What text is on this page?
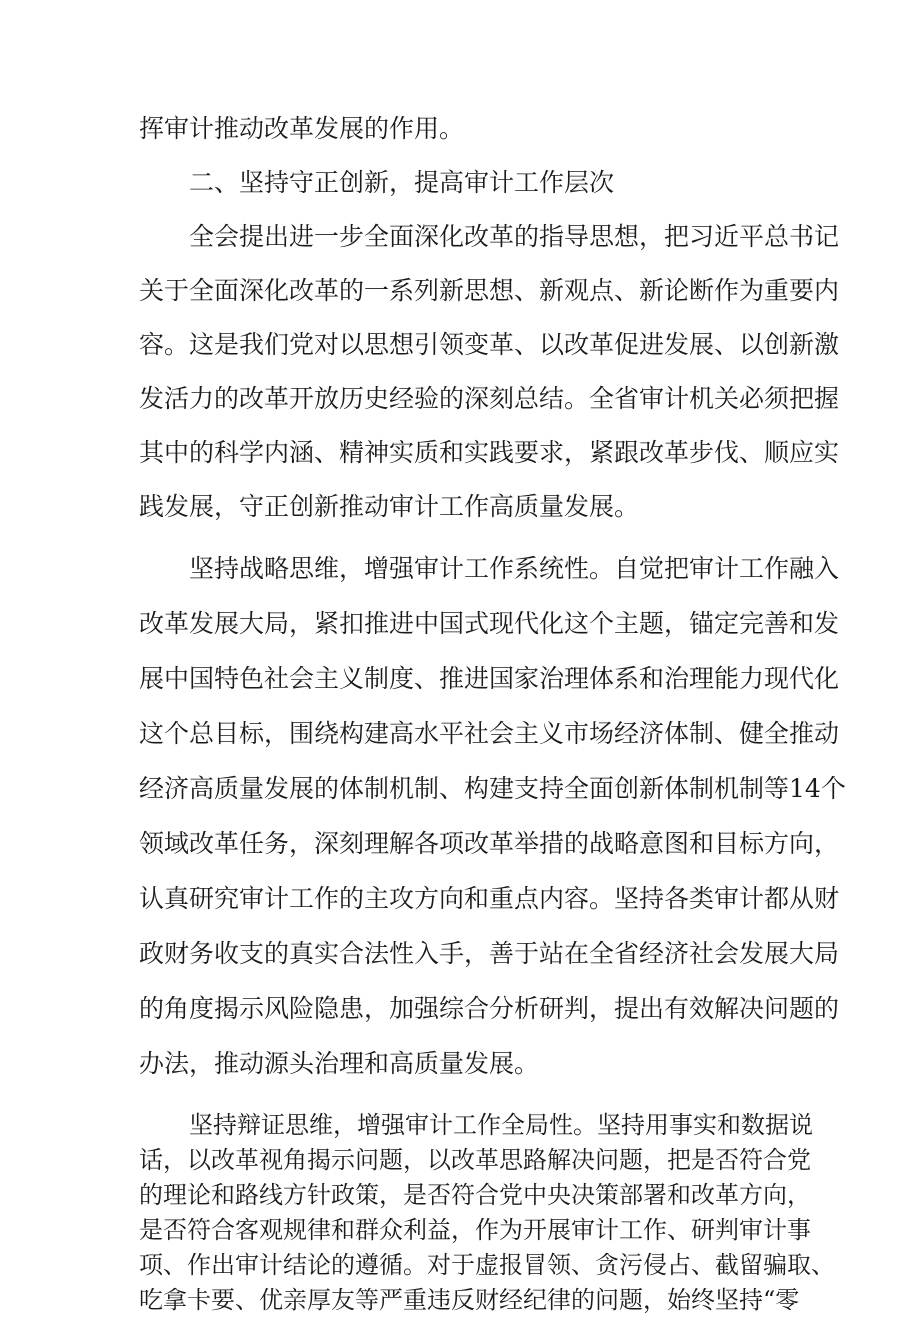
挥审计推动改革发展的作用。

二、坚持守正创新，提高审计工作层次

全会提出进一步全面深化改革的指导思想，把习近平总书记

关于全面深化改革的一系列新思想、新观点、新论断作为重要内

容。这是我们党对以思想引领变革、以改革促进发展、以创新激

发活力的改革开放历史经验的深刻总结。全省审计机关必须把握

其中的科学内涵、精神实质和实践要求，紧跟改革步伐、顺应实

践发展，守正创新推动审计工作高质量发展。

坚持战略思维，增强审计工作系统性。自觉把审计工作融入

改革发展大局，紧扣推进中国式现代化这个主题，锚定完善和发

展中国特色社会主义制度、推进国家治理体系和治理能力现代化

这个总目标，围绕构建高水平社会主义市场经济体制、健全推动

经济高质量发展的体制机制、构建支持全面创新体制机制等14个

领域改革任务，深刻理解各项改革举措的战略意图和目标方向，

认真研究审计工作的主攻方向和重点内容。坚持各类审计都从财

政财务收支的真实合法性入手，善于站在全省经济社会发展大局

的角度揭示风险隐患，加强综合分析研判，提出有效解决问题的

办法，推动源头治理和高质量发展。

坚持辩证思维，增强审计工作全局性。坚持用事实和数据说

话，以改革视角揭示问题，以改革思路解决问题，把是否符合党

的理论和路线方针政策，是否符合党中央决策部署和改革方向，

是否符合客观规律和群众利益，作为开展审计工作、研判审计事

项、作出审计结论的遵循。对于虚报冒领、贪污侵占、截留骗取、

吃拿卡要、优亲厚友等严重违反财经纪律的问题，始终坚持“零
